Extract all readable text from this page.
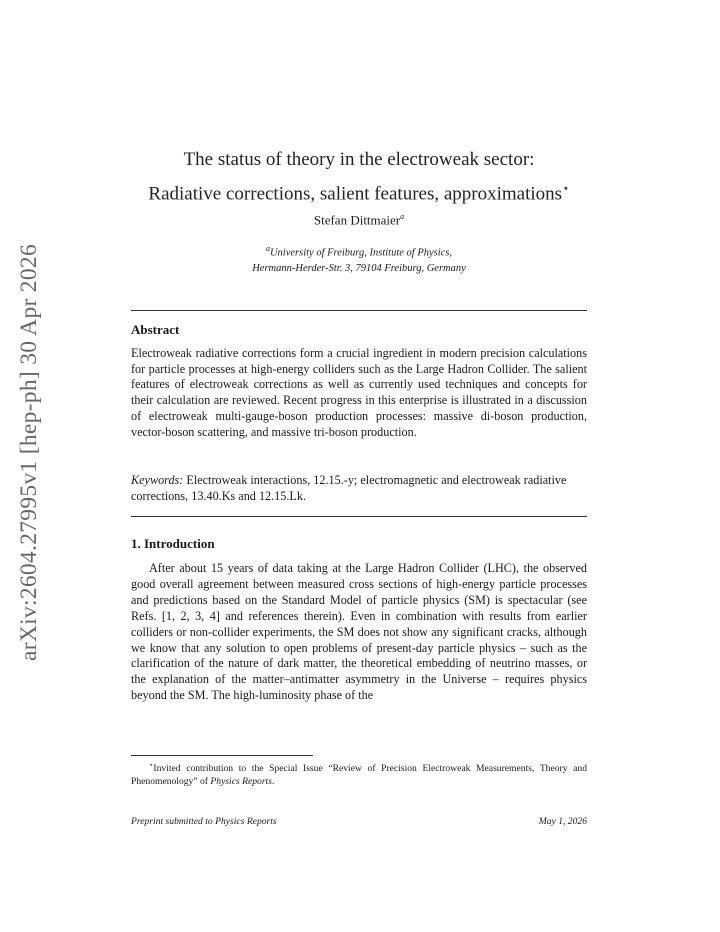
arXiv:2604.27995v1 [hep-ph] 30 Apr 2026
The status of theory in the electroweak sector:
Radiative corrections, salient features, approximations⋆
Stefan Dittmaier$^a$
$^a$University of Freiburg, Institute of Physics,
Hermann-Herder-Str. 3, 79104 Freiburg, Germany
Abstract
Electroweak radiative corrections form a crucial ingredient in modern precision calculations for particle processes at high-energy colliders such as the Large Hadron Collider. The salient features of electroweak corrections as well as currently used techniques and concepts for their calculation are reviewed. Recent progress in this enterprise is illustrated in a discussion of electroweak multi-gauge-boson production processes: massive di-boson production, vector-boson scattering, and massive tri-boson production.
Keywords: Electroweak interactions, 12.15.-y; electromagnetic and electroweak radiative corrections, 13.40.Ks and 12.15.Lk.
1. Introduction
After about 15 years of data taking at the Large Hadron Collider (LHC), the observed good overall agreement between measured cross sections of high-energy particle processes and predictions based on the Standard Model of particle physics (SM) is spectacular (see Refs. [1, 2, 3, 4] and references therein). Even in combination with results from earlier colliders or non-collider experiments, the SM does not show any significant cracks, although we know that any solution to open problems of present-day particle physics – such as the clarification of the nature of dark matter, the theoretical embedding of neutrino masses, or the explanation of the matter–antimatter asymmetry in the Universe – requires physics beyond the SM. The high-luminosity phase of the
⋆Invited contribution to the Special Issue “Review of Precision Electroweak Measurements, Theory and Phenomenology” of Physics Reports.
Preprint submitted to Physics Reports	May 1, 2026
